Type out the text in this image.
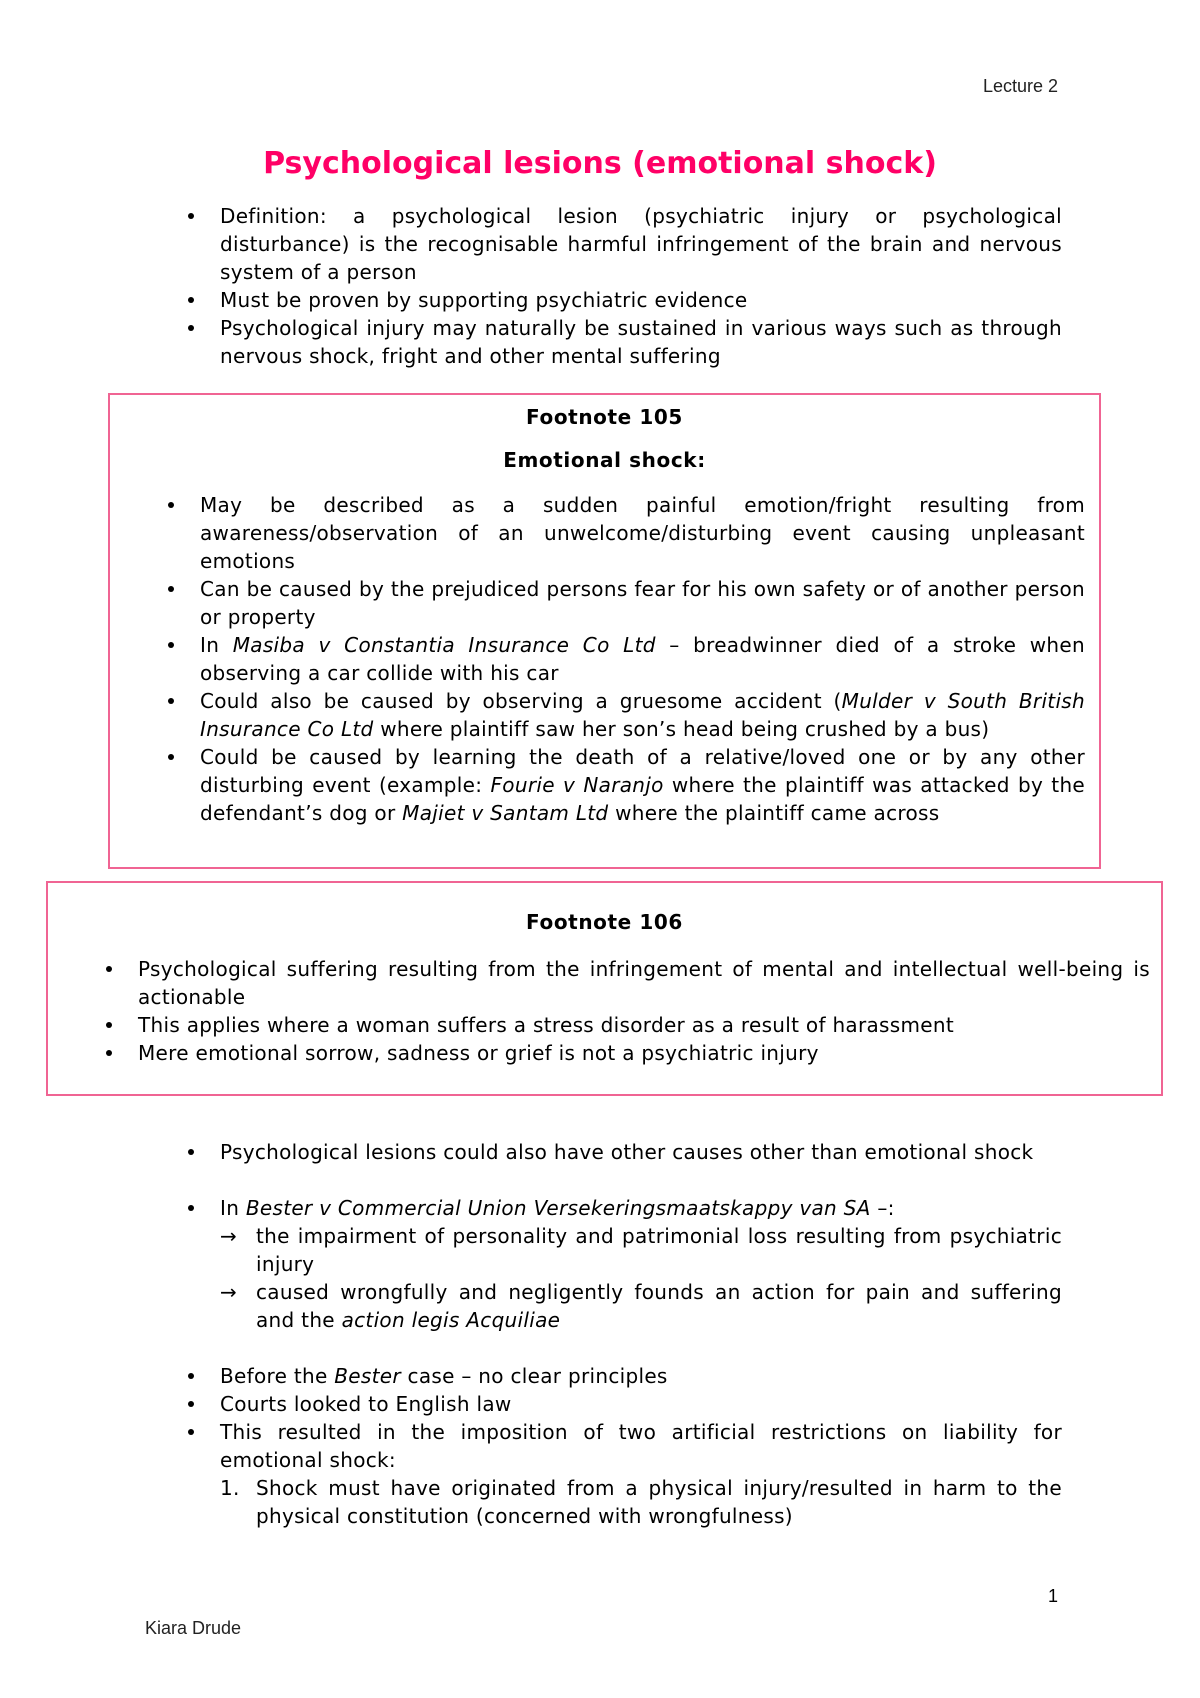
Lecture 2
Psychological lesions (emotional shock)
Definition: a psychological lesion (psychiatric injury or psychological disturbance) is the recognisable harmful infringement of the brain and nervous system of a person
Must be proven by supporting psychiatric evidence
Psychological injury may naturally be sustained in various ways such as through nervous shock, fright and other mental suffering
Footnote 105
Emotional shock:
May be described as a sudden painful emotion/fright resulting from awareness/observation of an unwelcome/disturbing event causing unpleasant emotions
Can be caused by the prejudiced persons fear for his own safety or of another person or property
In Masiba v Constantia Insurance Co Ltd – breadwinner died of a stroke when observing a car collide with his car
Could also be caused by observing a gruesome accident (Mulder v South British Insurance Co Ltd where plaintiff saw her son’s head being crushed by a bus)
Could be caused by learning the death of a relative/loved one or by any other disturbing event (example: Fourie v Naranjo where the plaintiff was attacked by the defendant’s dog or Majiet v Santam Ltd where the plaintiff came across
Footnote 106
Psychological suffering resulting from the infringement of mental and intellectual well-being is actionable
This applies where a woman suffers a stress disorder as a result of harassment
Mere emotional sorrow, sadness or grief is not a psychiatric injury
Psychological lesions could also have other causes other than emotional shock
In Bester v Commercial Union Versekeringsmaatskappy van SA –:
→ the impairment of personality and patrimonial loss resulting from psychiatric injury
→ caused wrongfully and negligently founds an action for pain and suffering and the action legis Acquiliae
Before the Bester case – no clear principles
Courts looked to English law
This resulted in the imposition of two artificial restrictions on liability for emotional shock:
1. Shock must have originated from a physical injury/resulted in harm to the physical constitution (concerned with wrongfulness)
1
Kiara Drude
